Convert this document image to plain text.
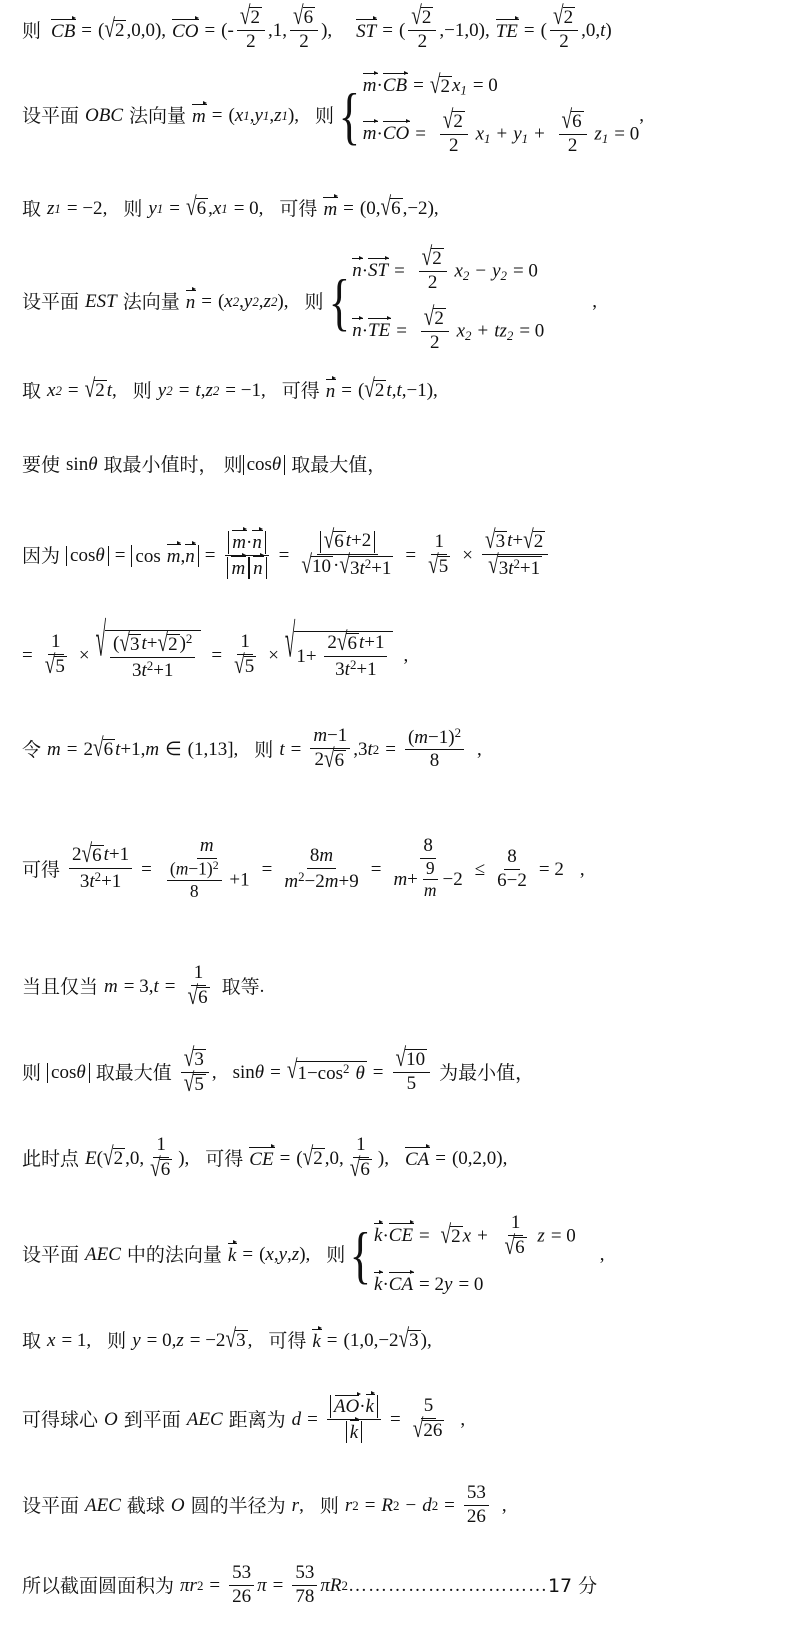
则 CB = ( √ 2 ,0,0 ) , CO = (- $\frac{√ 2}{2} ,1$, $\frac{√ 6}{2}$ ) , ST = ( $\frac{√ 2}{2} ,-1,0$) , TE = ( $\frac{√ 2}{2} ,0$, t )
设平面 OBC 法向量 m = ( x 1 , y 1 , z 1 ) , 则 { m·CB = √ 2 $x_1 = 0$
$m\cdot CO = \frac{√ 2}{2} x_1 + y_1 + \frac{√ 6}{2} z_1 = 0$
,
取 z 1 = −2 , 则 y 1 = √ 6 , x 1 = 0 , 可得 m = ( 0, √ 6 ,−2 ) ,
设平面 EST 法向量 n = ( x 2 , y 2 , z 2 ) , 则 { $n\cdot ST = \frac{√ 2}{2} x_2 - y_2 = 0$
$n\cdot TE = \frac{√ 2}{2} x_2 + tz_2 = 0$
,
取 x 2 = √ 2 t , 则 y 2 = t , z 2 = −1 , 可得 n = ( √ 2 t , t ,−1 ) ,
要使 sin θ 取最小值时， 则 cosθ 取最大值，
因为 $\cos\theta = \cos m,n = \frac{m\cdot n}{\text{m n}} = \frac{√ 6 t+2}{√ 10 \cdot √ 3t^2+1} = \frac{1}{√ 5} \times \frac{√ 3 t+ √ 2}{√ 3t^2+1}$
= $\frac{1}{√ 5}$ × √ $\frac{( √ 3 t+ √ 2 )^2}{3t^2+1} = \frac{1}{√ 5}$ × √ $1+ \frac{2 √ 6 t+1}{3t^2+1}$ ,
令 m = 2 √ 6 t +1, m ∈ ( 1,13 ] , 则 $t = \frac{m-1}{2 √ 6} ,3$ t $2 = \frac{(m-1)^2}{8}$ ,
可得 $\frac{2 √ 6 t+1}{3t^2+1} = \frac{m}{\frac{(m-1)^2}{8} +1} = \frac{8m}{m^2-2m+9} = \frac{8}{m+ \frac{9}{m} -2} \le \frac{8}{6-2} = 2$ ,
当且仅当 m = 3, $t = \frac{1}{√ 6}$ 取等 .
则 cosθ 取最大值 $\frac{√ 3}{√ 5}$ , sin θ = √ $1-\cos^2$ $\theta = \frac{√ 10}{5}$ 为最小值，
此时点 E ( √ 2 ,0, $\frac{1}{√ 6}$ ) , 可得 CE = ( √ 2 ,0, $\frac{1}{√ 6}$ ) , CA = (0,2,0) ,
设平面 AEC 中的法向量 k = ( x , y , z ) , 则 { k·CE = √ 2 $x + \frac{1}{√ 6}$ z = 0
k·CA = 2y = 0
,
取 x = 1 , 则 y = 0, z = −2 √ 3 , 可得 k = ( 1,0,−2 √ 3 ) ,
可得球心 O 到平面 AEC 距离为 $d = \frac{AO\cdot k}{k} = \frac{5}{√ 26}$ ,
设平面 AEC 截球 O 圆的半径为 r , 则 r 2 = R 2 − d $2 = \frac{53}{26}$ ,
所以截面圆面积为 πr $2 = \frac{53}{26}$ $\pi = \frac{53}{78}$ πR 2 ………………………… 17 分
